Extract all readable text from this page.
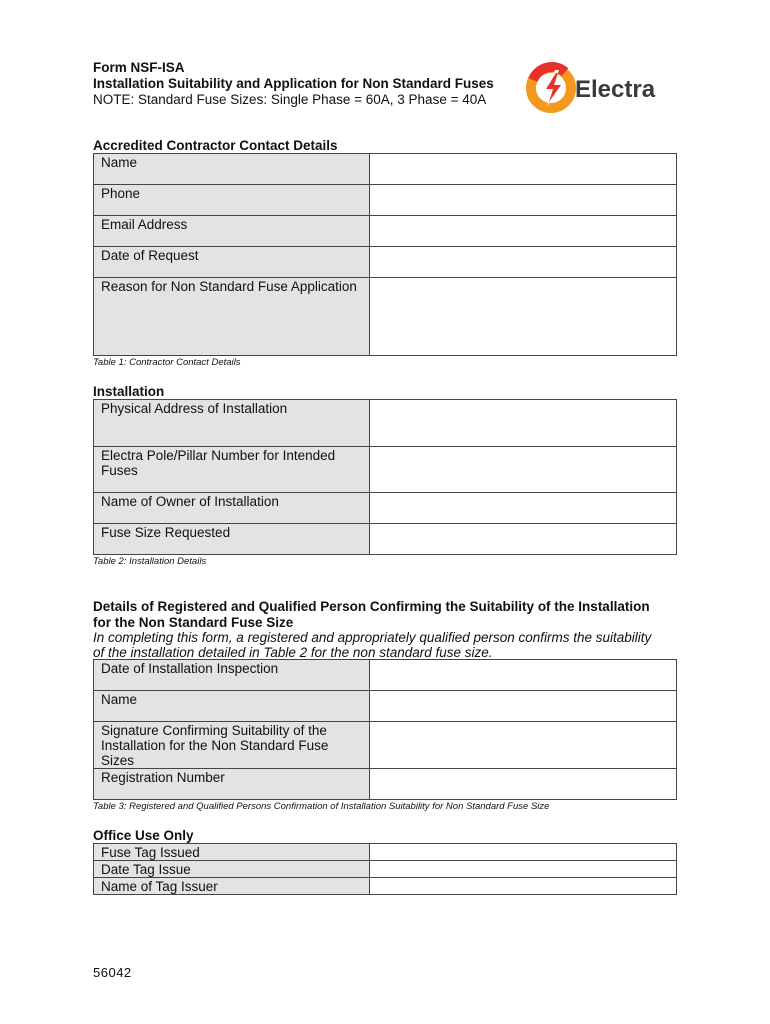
Form NSF-ISA
Installation Suitability and Application for Non Standard Fuses
NOTE: Standard Fuse Sizes: Single Phase = 60A, 3 Phase = 40A	Electra
Accredited Contractor Contact Details
Name	
Phone	
Email Address	
Date of Request	
Reason for Non Standard Fuse Application	
Table 1: Contractor Contact Details
Installation
Physical Address of Installation	
Electra Pole/Pillar Number for Intended Fuses	
Name of Owner of Installation	
Fuse Size Requested	
Table 2: Installation Details
Details of Registered and Qualified Person Confirming the Suitability of the Installation for the Non Standard Fuse Size
In completing this form, a registered and appropriately qualified person confirms the suitability of the installation detailed in Table 2 for the non standard fuse size.
Date of Installation Inspection	
Name	
Signature Confirming Suitability of the Installation for the Non Standard Fuse Sizes	
Registration Number	
Table 3: Registered and Qualified Persons Confirmation of Installation Suitability for Non Standard Fuse Size
Office Use Only
Fuse Tag Issued	
Date Tag Issue	
Name of Tag Issuer	
56042
